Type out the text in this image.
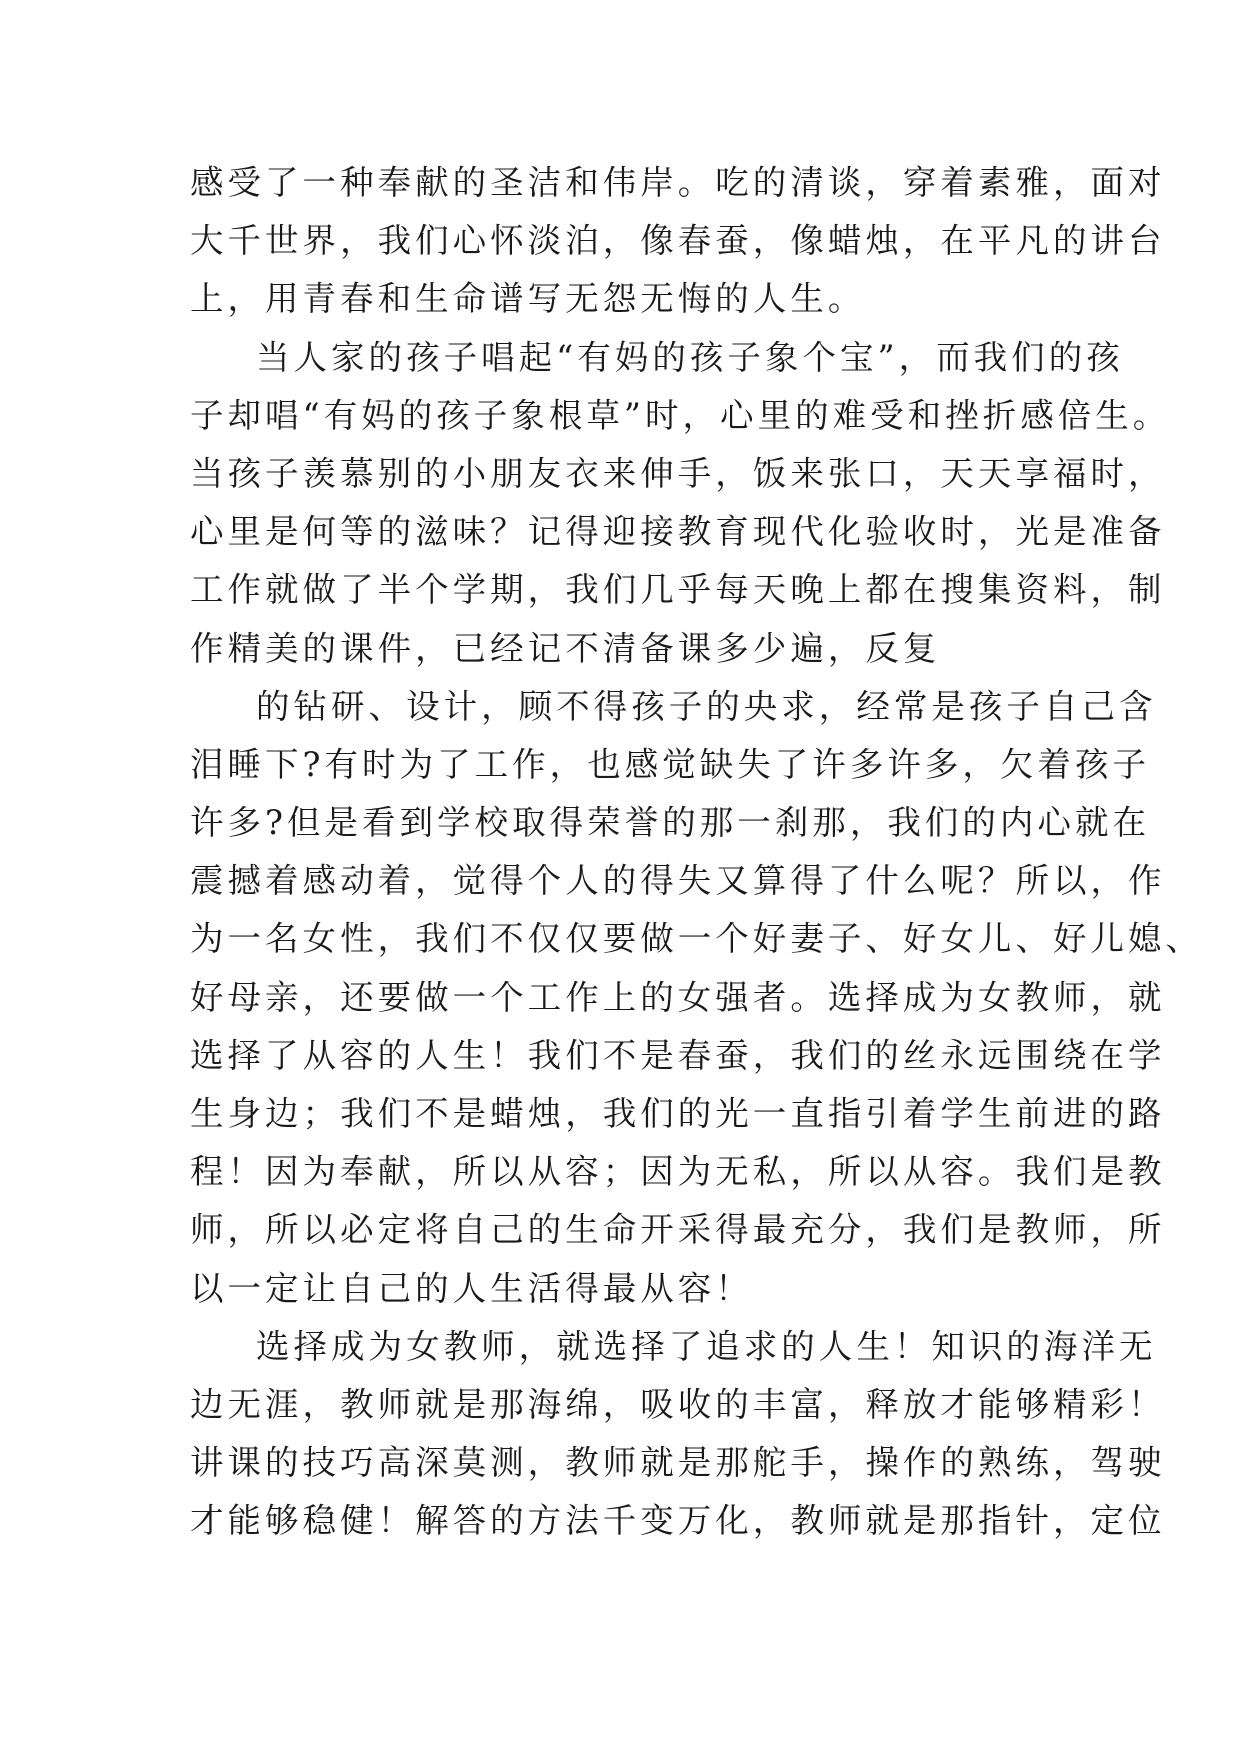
感受了一种奉献的圣洁和伟岸。吃的清谈，穿着素雅，面对
大千世界，我们心怀淡泊，像春蚕，像蜡烛，在平凡的讲台
上，用青春和生命谱写无怨无悔的人生。
当人家的孩子唱起“有妈的孩子象个宝”，而我们的孩
子却唱“有妈的孩子象根草”时，心里的难受和挫折感倍生。
当孩子羡慕别的小朋友衣来伸手，饭来张口，天天享福时，
心里是何等的滋味？记得迎接教育现代化验收时，光是准备
工作就做了半个学期，我们几乎每天晚上都在搜集资料，制
作精美的课件，已经记不清备课多少遍，反复
的钻研、设计，顾不得孩子的央求，经常是孩子自己含
泪睡下?有时为了工作，也感觉缺失了许多许多，欠着孩子
许多?但是看到学校取得荣誉的那一刹那，我们的内心就在
震撼着感动着，觉得个人的得失又算得了什么呢？所以，作
为一名女性，我们不仅仅要做一个好妻子、好女儿、好儿媳、
好母亲，还要做一个工作上的女强者。选择成为女教师，就
选择了从容的人生！我们不是春蚕，我们的丝永远围绕在学
生身边；我们不是蜡烛，我们的光一直指引着学生前进的路
程！因为奉献，所以从容；因为无私，所以从容。我们是教
师，所以必定将自己的生命开采得最充分，我们是教师，所
以一定让自己的人生活得最从容！
选择成为女教师，就选择了追求的人生！知识的海洋无
边无涯，教师就是那海绵，吸收的丰富，释放才能够精彩！
讲课的技巧高深莫测，教师就是那舵手，操作的熟练，驾驶
才能够稳健！解答的方法千变万化，教师就是那指针，定位
